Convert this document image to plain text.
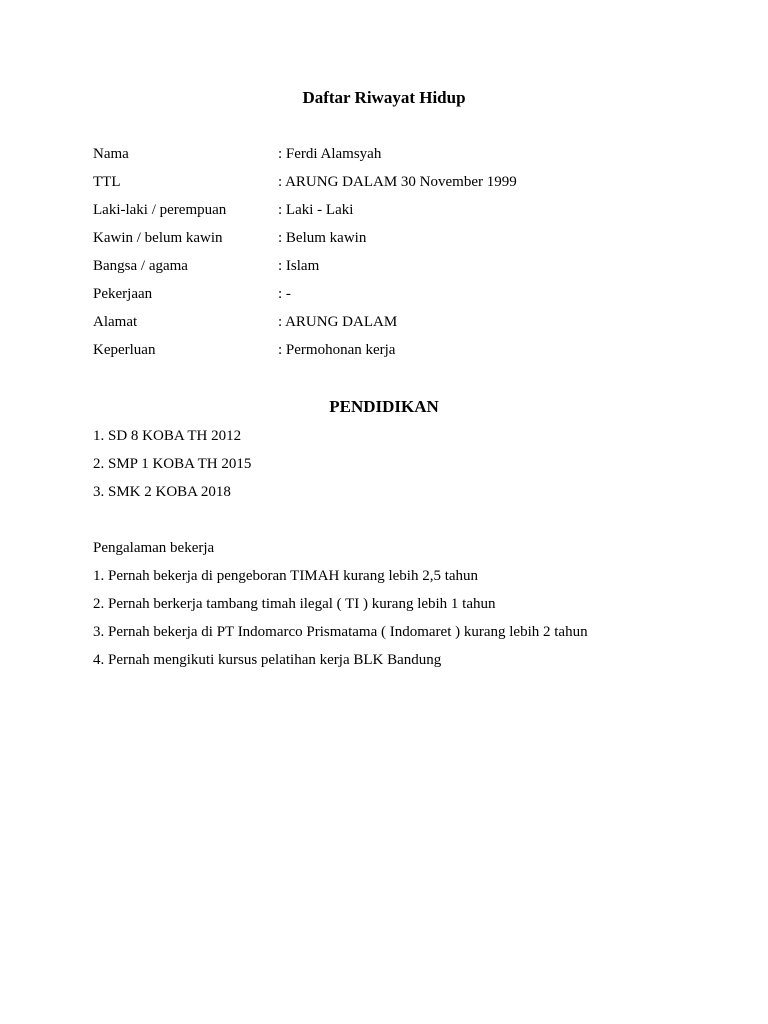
Daftar Riwayat Hidup
Nama	: Ferdi Alamsyah
TTL	: ARUNG DALAM 30 November 1999
Laki-laki / perempuan	: Laki - Laki
Kawin / belum kawin	: Belum kawin
Bangsa / agama	: Islam
Pekerjaan	: -
Alamat	: ARUNG DALAM
Keperluan	: Permohonan kerja
PENDIDIKAN
1. SD 8 KOBA TH 2012
2. SMP 1 KOBA TH 2015
3. SMK 2 KOBA 2018
Pengalaman bekerja
1. Pernah bekerja di pengeboran TIMAH kurang lebih 2,5 tahun
2. Pernah berkerja tambang timah ilegal ( TI ) kurang lebih 1 tahun
3. Pernah bekerja di PT Indomarco Prismatama ( Indomaret ) kurang lebih 2 tahun
4. Pernah mengikuti kursus pelatihan kerja BLK Bandung
